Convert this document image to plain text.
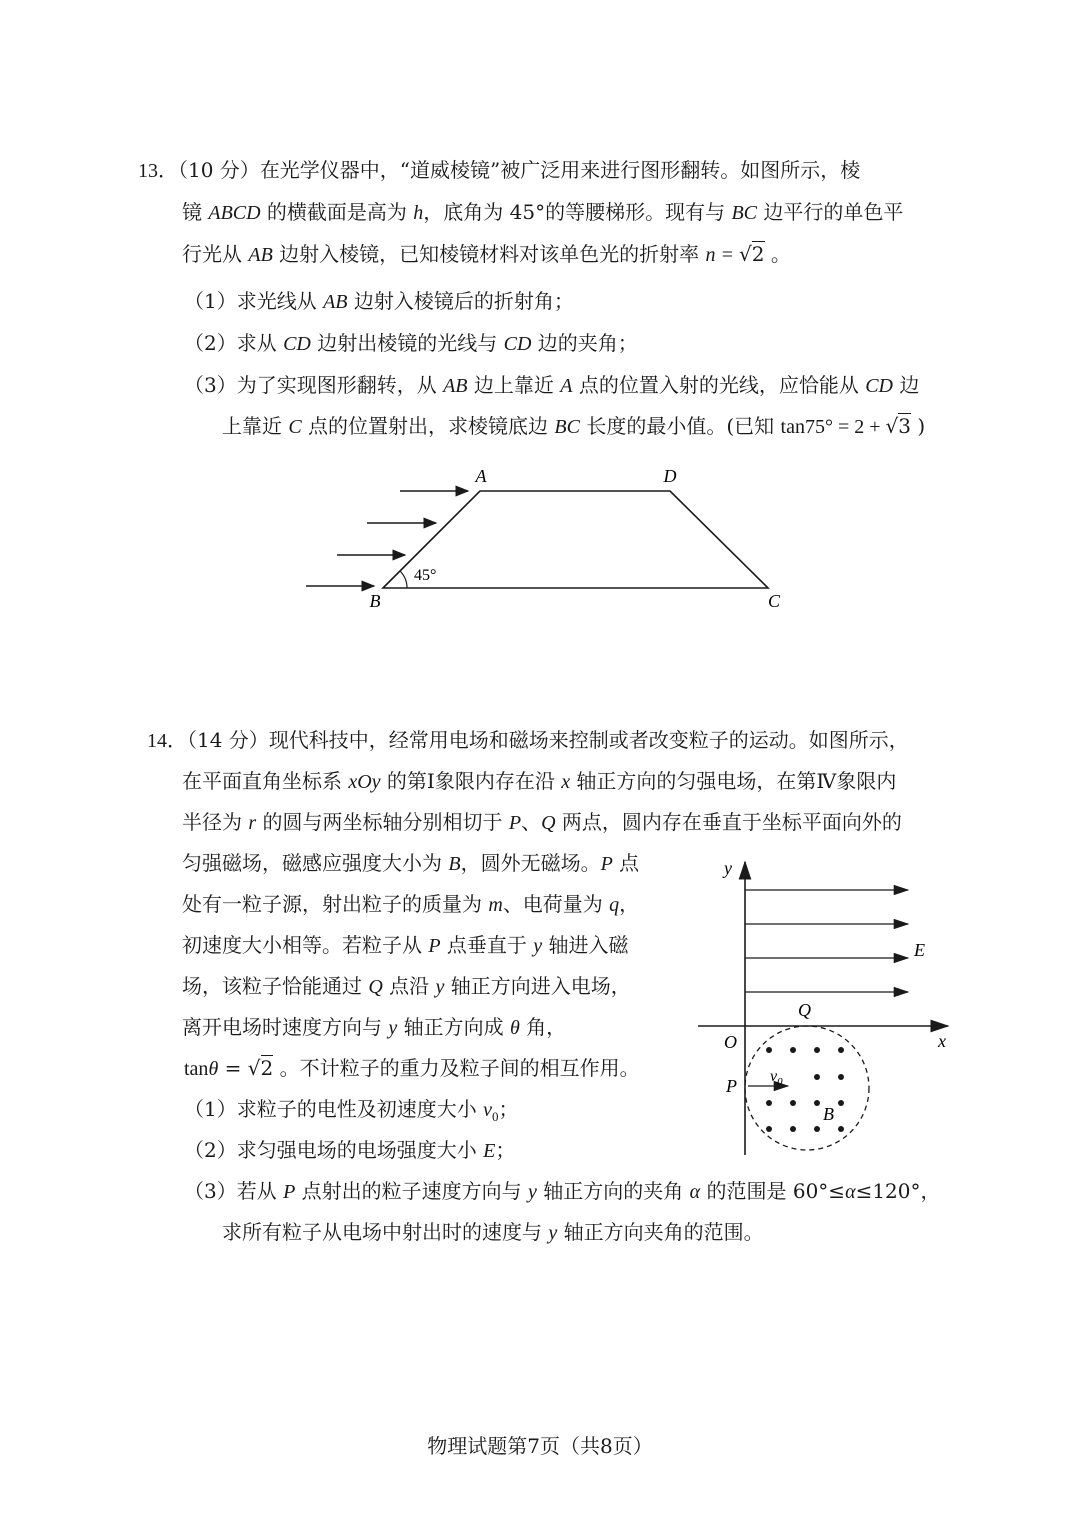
13．（10 分）在光学仪器中，“道威棱镜”被广泛用来进行图形翻转。如图所示，棱
镜 ABCD 的横截面是高为 h，底角为 45°的等腰梯形。现有与 BC 边平行的单色平
行光从 AB 边射入棱镜，已知棱镜材料对该单色光的折射率 n = √2 。
（1）求光线从 AB 边射入棱镜后的折射角；
（2）求从 CD 边射出棱镜的光线与 CD 边的夹角；
（3）为了实现图形翻转，从 AB 边上靠近 A 点的位置入射的光线，应恰能从 CD 边
上靠近 C 点的位置射出，求棱镜底边 BC 长度的最小值。(已知 tan75° = 2 + √3 )
A	D
B	C
45°
14．（14 分）现代科技中，经常用电场和磁场来控制或者改变粒子的运动。如图所示，
在平面直角坐标系 xOy 的第Ⅰ象限内存在沿 x 轴正方向的匀强电场，在第Ⅳ象限内
半径为 r 的圆与两坐标轴分别相切于 P、Q 两点，圆内存在垂直于坐标平面向外的
匀强磁场，磁感应强度大小为 B，圆外无磁场。P 点
处有一粒子源，射出粒子的质量为 m、电荷量为 q，
初速度大小相等。若粒子从 P 点垂直于 y 轴进入磁
场，该粒子恰能通过 Q 点沿 y 轴正方向进入电场，
离开电场时速度方向与 y 轴正方向成 θ 角，
tanθ = √2 。不计粒子的重力及粒子间的相互作用。
（1）求粒子的电性及初速度大小 $v_0$；
（2）求匀强电场的电场强度大小 E；
（3）若从 P 点射出的粒子速度方向与 y 轴正方向的夹角 α 的范围是 60°≤α≤120°，
求所有粒子从电场中射出时的速度与 y 轴正方向夹角的范围。
y
x
O
Q
P
E
B
$v_0$
物理试题第7页（共8页）
